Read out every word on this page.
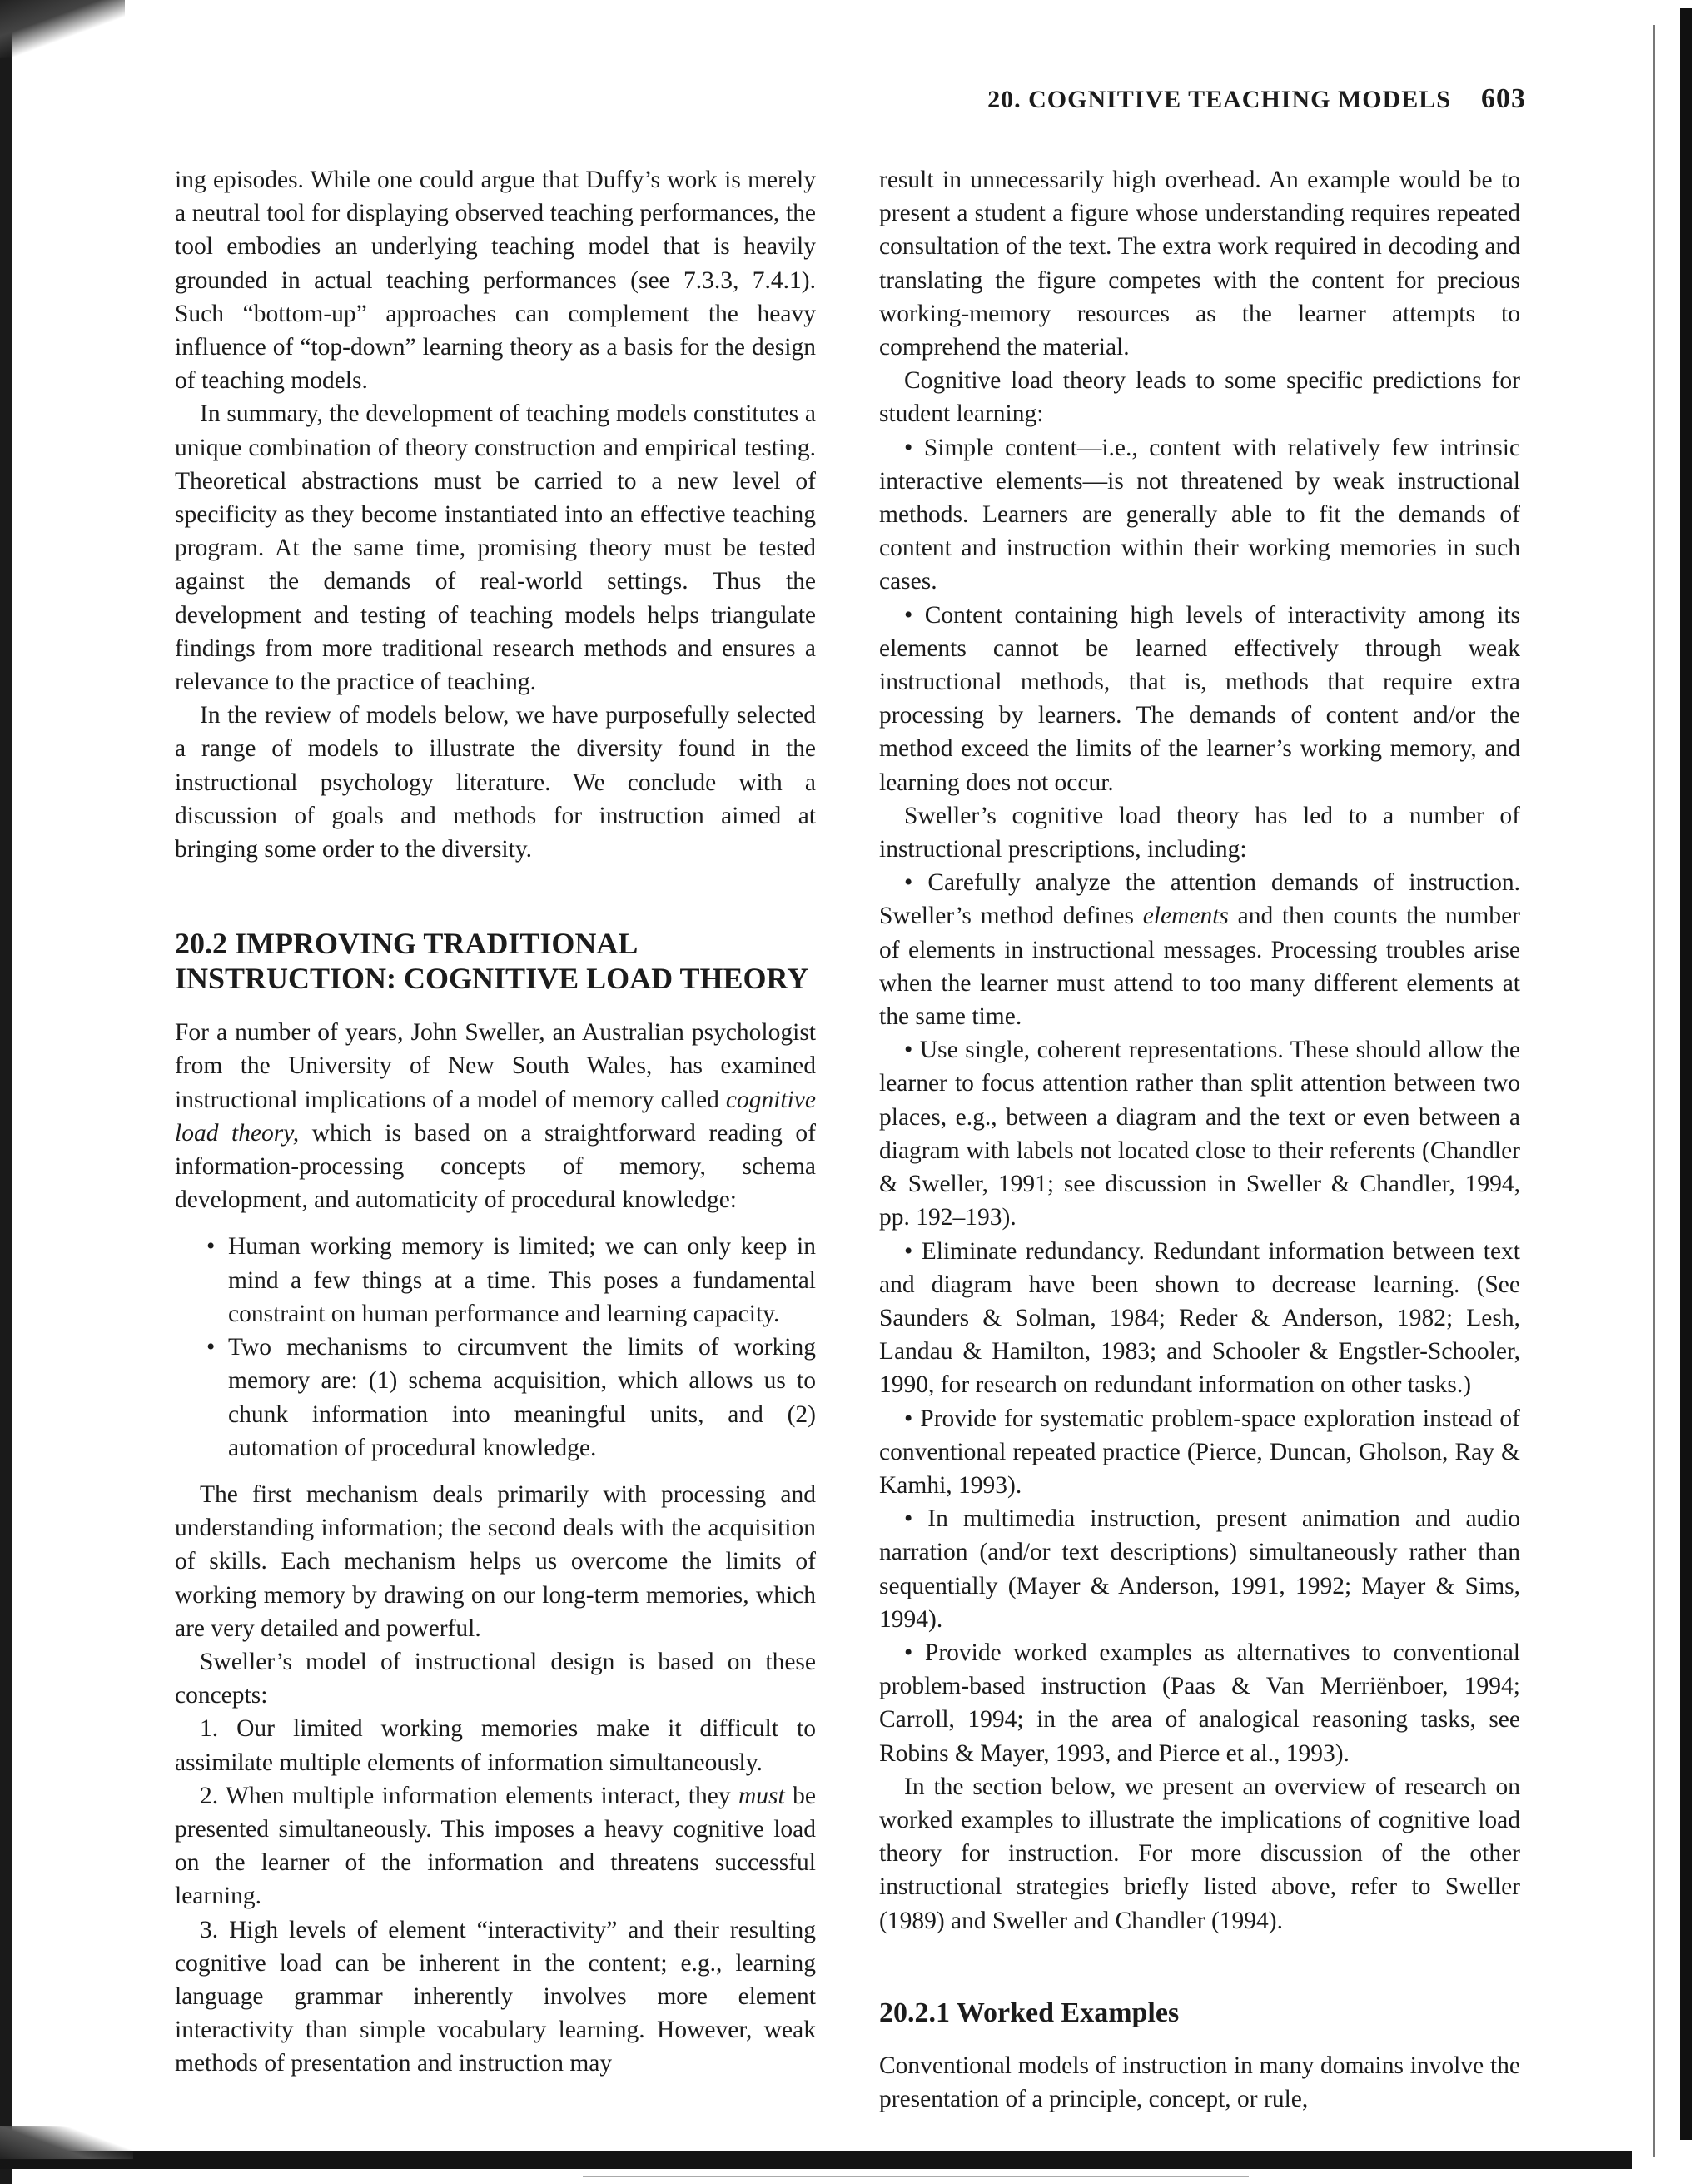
20. COGNITIVE TEACHING MODELS 603

ing episodes. While one could argue that Duffy’s work is merely a neutral tool for displaying observed teaching performances, the tool embodies an underlying teaching model that is heavily grounded in actual teaching performances (see 7.3.3, 7.4.1). Such “bottom-up” approaches can complement the heavy influence of “top-down” learning theory as a basis for the design of teaching models.

In summary, the development of teaching models constitutes a unique combination of theory construction and empirical testing. Theoretical abstractions must be carried to a new level of specificity as they become instantiated into an effective teaching program. At the same time, promising theory must be tested against the demands of real-world settings. Thus the development and testing of teaching models helps triangulate findings from more traditional research methods and ensures a relevance to the practice of teaching.

In the review of models below, we have purposefully selected a range of models to illustrate the diversity found in the instructional psychology literature. We conclude with a discussion of goals and methods for instruction aimed at bringing some order to the diversity.

20.2 IMPROVING TRADITIONAL INSTRUCTION: COGNITIVE LOAD THEORY

For a number of years, John Sweller, an Australian psychologist from the University of New South Wales, has examined instructional implications of a model of memory called cognitive load theory, which is based on a straightforward reading of information-processing concepts of memory, schema development, and automaticity of procedural knowledge:

• Human working memory is limited; we can only keep in mind a few things at a time. This poses a fundamental constraint on human performance and learning capacity.
• Two mechanisms to circumvent the limits of working memory are: (1) schema acquisition, which allows us to chunk information into meaningful units, and (2) automation of procedural knowledge.

The first mechanism deals primarily with processing and understanding information; the second deals with the acquisition of skills. Each mechanism helps us overcome the limits of working memory by drawing on our long-term memories, which are very detailed and powerful.

Sweller’s model of instructional design is based on these concepts:

1. Our limited working memories make it difficult to assimilate multiple elements of information simultaneously.

2. When multiple information elements interact, they must be presented simultaneously. This imposes a heavy cognitive load on the learner of the information and threatens successful learning.

3. High levels of element “interactivity” and their resulting cognitive load can be inherent in the content; e.g., learning language grammar inherently involves more element interactivity than simple vocabulary learning. However, weak methods of presentation and instruction may

result in unnecessarily high overhead. An example would be to present a student a figure whose understanding requires repeated consultation of the text. The extra work required in decoding and translating the figure competes with the content for precious working-memory resources as the learner attempts to comprehend the material.

Cognitive load theory leads to some specific predictions for student learning:

• Simple content—i.e., content with relatively few intrinsic interactive elements—is not threatened by weak instructional methods. Learners are generally able to fit the demands of content and instruction within their working memories in such cases.

• Content containing high levels of interactivity among its elements cannot be learned effectively through weak instructional methods, that is, methods that require extra processing by learners. The demands of content and/or the method exceed the limits of the learner’s working memory, and learning does not occur.

Sweller’s cognitive load theory has led to a number of instructional prescriptions, including:

• Carefully analyze the attention demands of instruction. Sweller’s method defines elements and then counts the number of elements in instructional messages. Processing troubles arise when the learner must attend to too many different elements at the same time.

• Use single, coherent representations. These should allow the learner to focus attention rather than split attention between two places, e.g., between a diagram and the text or even between a diagram with labels not located close to their referents (Chandler & Sweller, 1991; see discussion in Sweller & Chandler, 1994, pp. 192–193).

• Eliminate redundancy. Redundant information between text and diagram have been shown to decrease learning. (See Saunders & Solman, 1984; Reder & Anderson, 1982; Lesh, Landau & Hamilton, 1983; and Schooler & Engstler-Schooler, 1990, for research on redundant information on other tasks.)

• Provide for systematic problem-space exploration instead of conventional repeated practice (Pierce, Duncan, Gholson, Ray & Kamhi, 1993).

• In multimedia instruction, present animation and audio narration (and/or text descriptions) simultaneously rather than sequentially (Mayer & Anderson, 1991, 1992; Mayer & Sims, 1994).

• Provide worked examples as alternatives to conventional problem-based instruction (Paas & Van Merriënboer, 1994; Carroll, 1994; in the area of analogical reasoning tasks, see Robins & Mayer, 1993, and Pierce et al., 1993).

In the section below, we present an overview of research on worked examples to illustrate the implications of cognitive load theory for instruction. For more discussion of the other instructional strategies briefly listed above, refer to Sweller (1989) and Sweller and Chandler (1994).

20.2.1 Worked Examples

Conventional models of instruction in many domains involve the presentation of a principle, concept, or rule,
